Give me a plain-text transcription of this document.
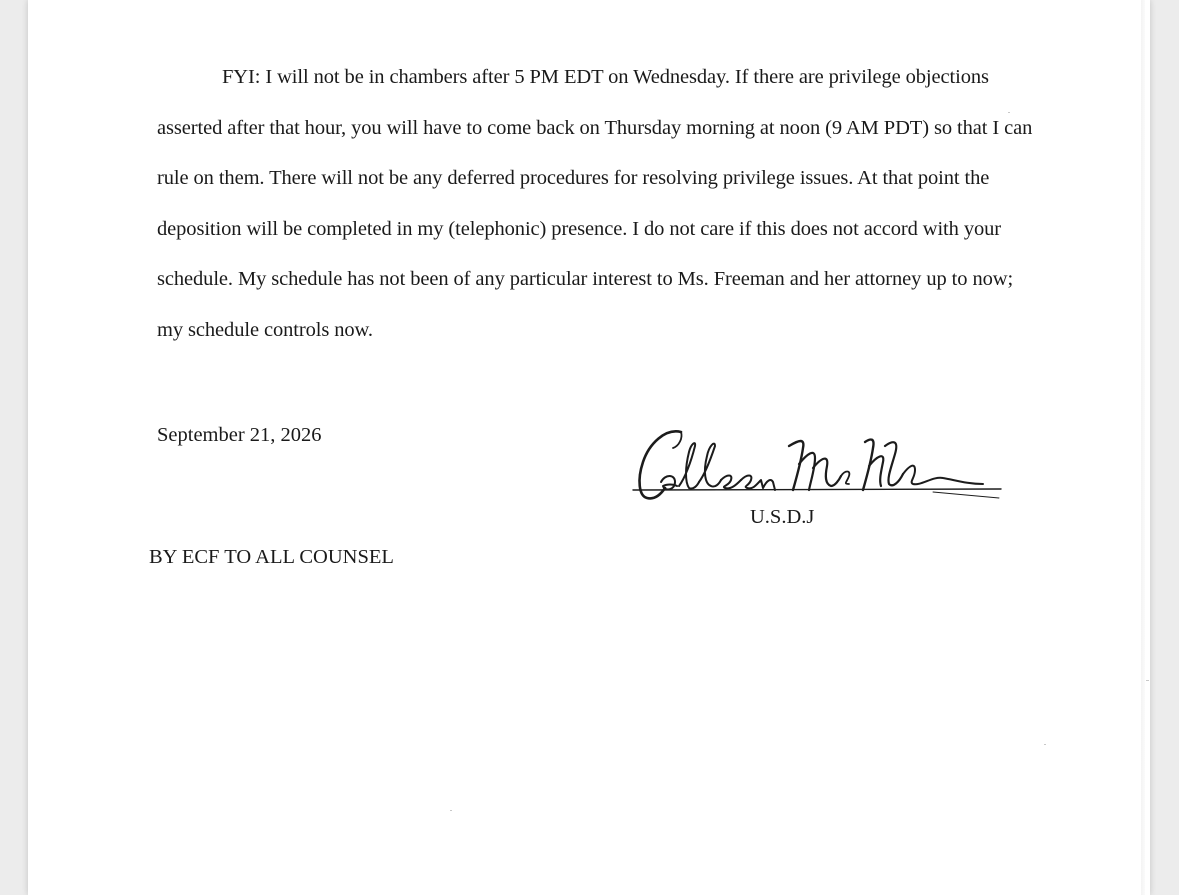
FYI: I will not be in chambers after 5 PM EDT on Wednesday. If there are privilege objections asserted after that hour, you will have to come back on Thursday morning at noon (9 AM PDT) so that I can rule on them. There will not be any deferred procedures for resolving privilege issues. At that point the deposition will be completed in my (telephonic) presence. I do not care if this does not accord with your schedule. My schedule has not been of any particular interest to Ms. Freeman and her attorney up to now; my schedule controls now.

September 21, 2026
U.S.D.J
BY ECF TO ALL COUNSEL
